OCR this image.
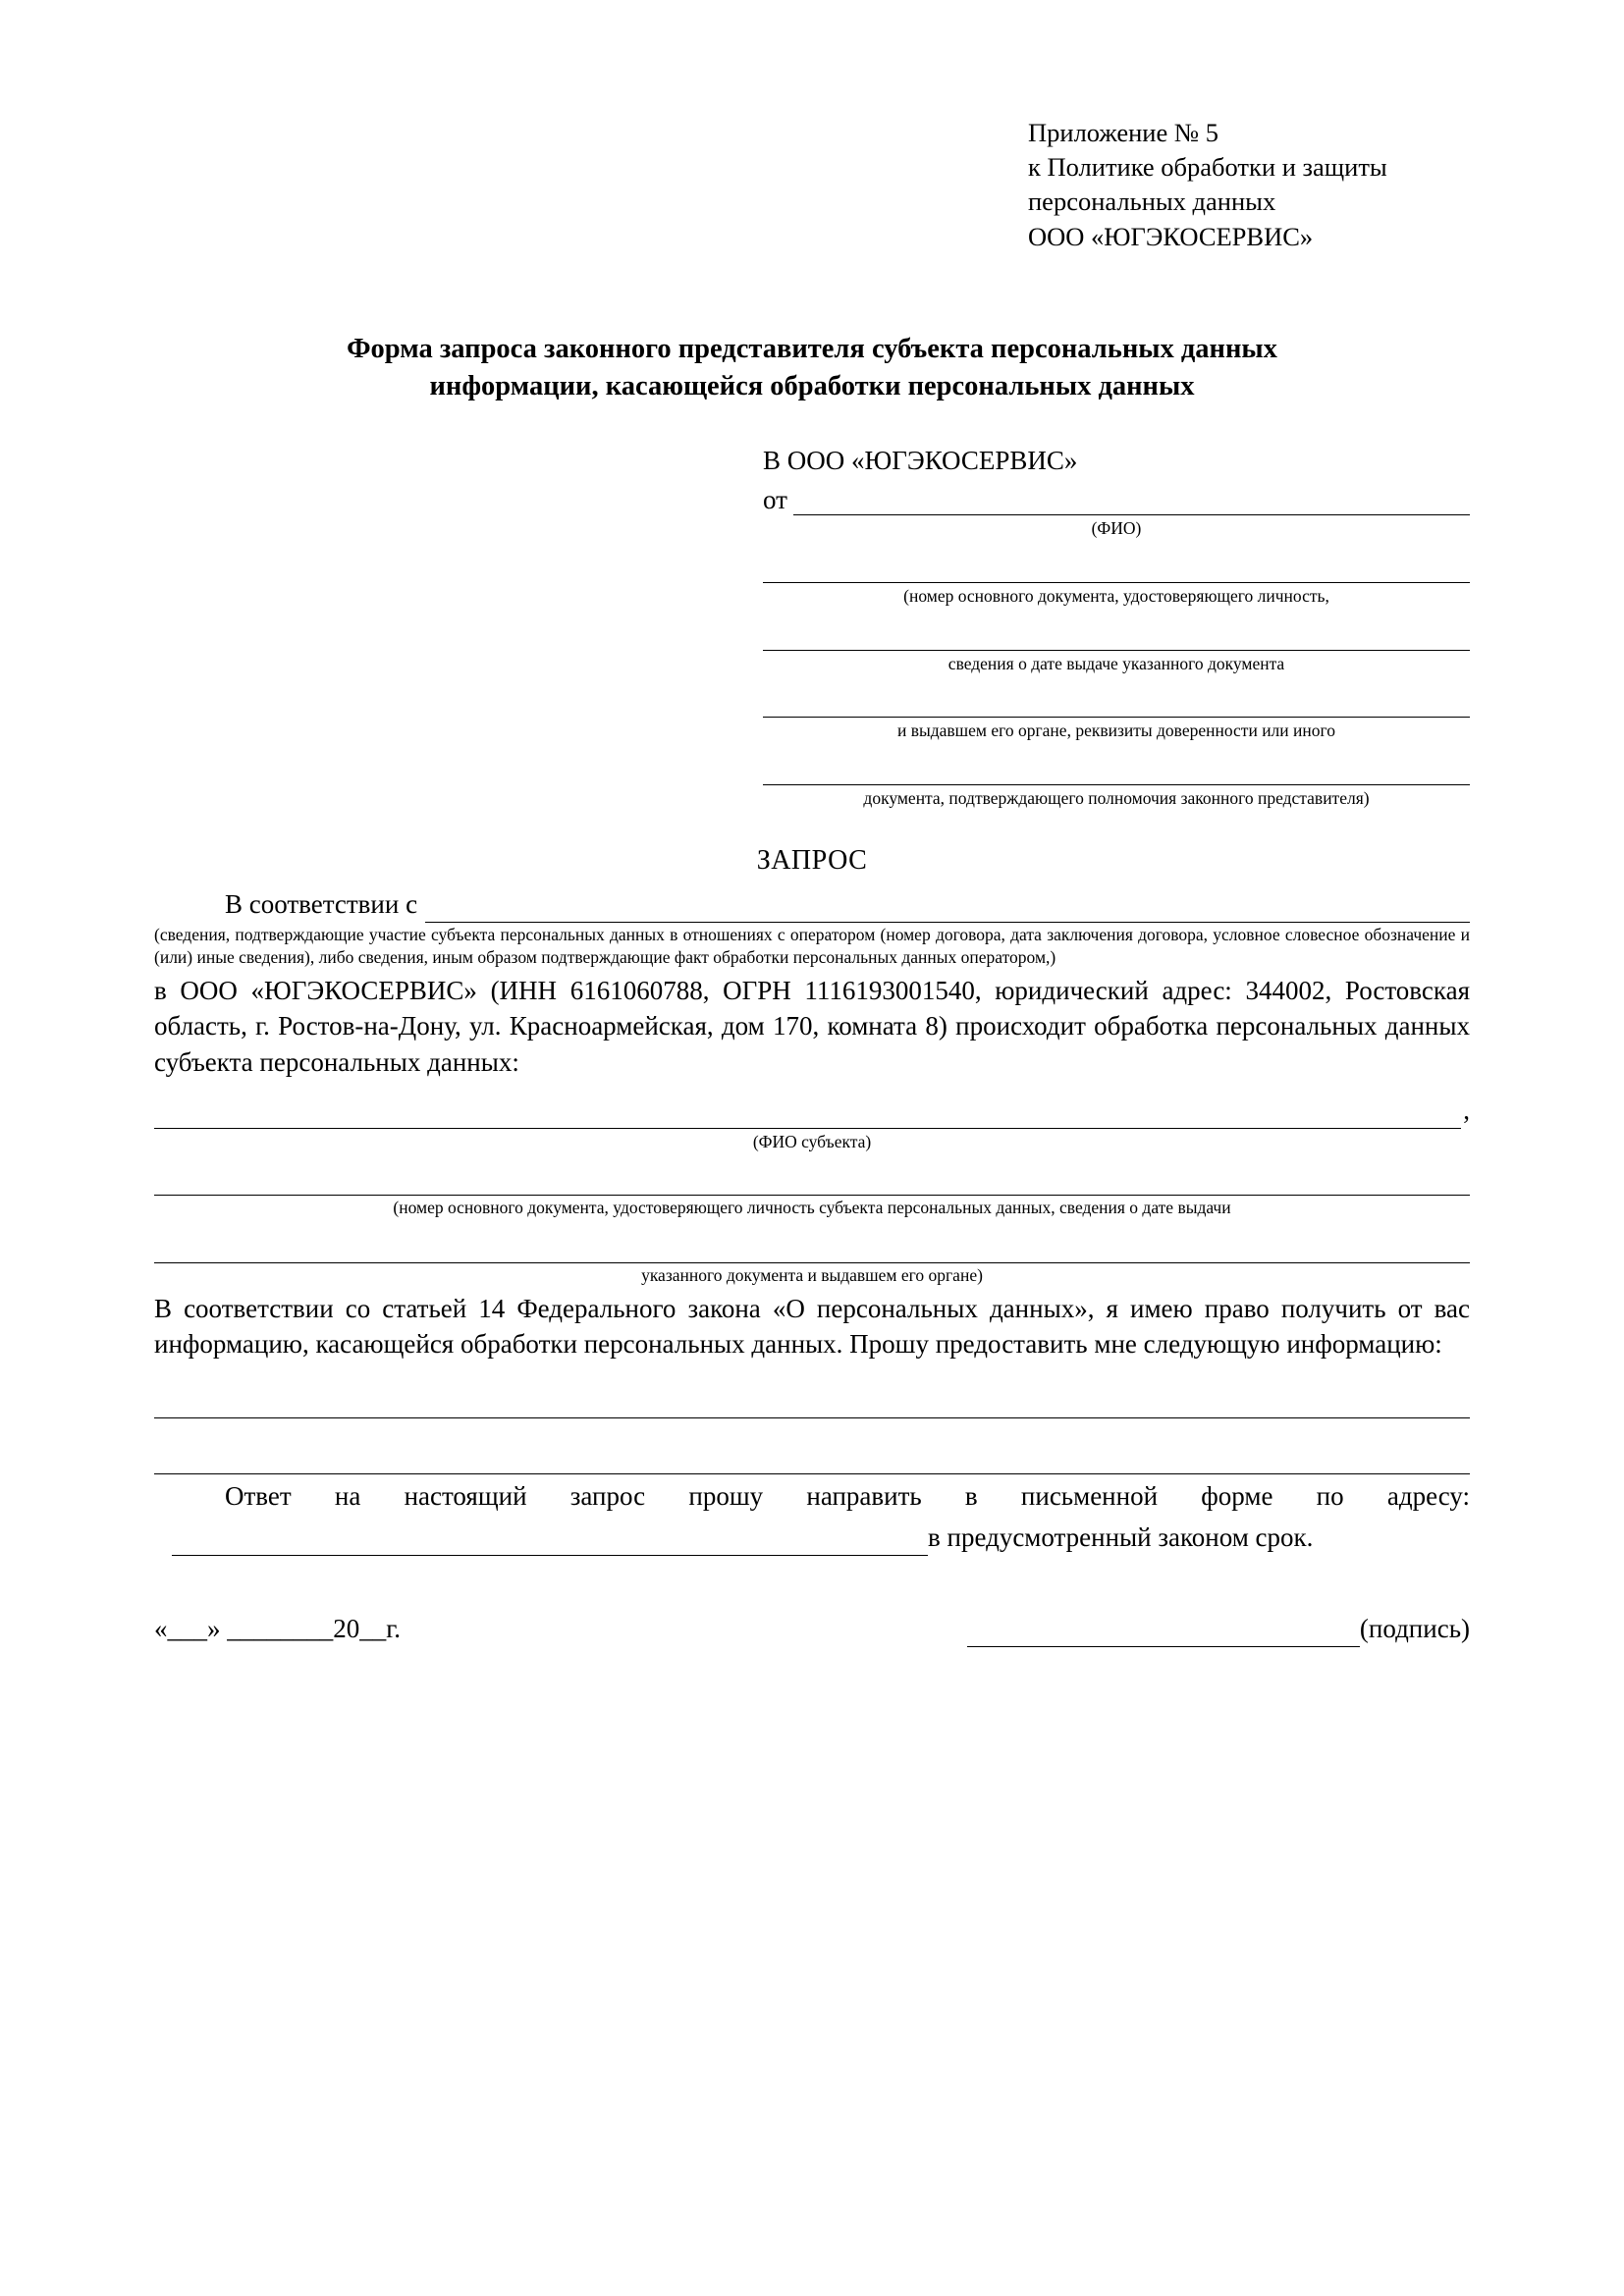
Приложение № 5
к Политике обработки и защиты
персональных данных
ООО «ЮГЭКОСЕРВИС»
Форма запроса законного представителя субъекта персональных данных
информации, касающейся обработки персональных данных
В ООО «ЮГЭКОСЕРВИС»
от
(ФИО)
(номер основного документа, удостоверяющего личность,
сведения о дате выдаче указанного документа
и выдавшем его органе, реквизиты доверенности или иного
документа, подтверждающего полномочия законного представителя)
ЗАПРОС
В соответствии с
(сведения, подтверждающие участие субъекта персональных данных в отношениях с оператором (номер договора, дата заключения договора, условное словесное обозначение и (или) иные сведения), либо сведения, иным образом подтверждающие факт обработки персональных данных оператором,)
в ООО «ЮГЭКОСЕРВИС» (ИНН 6161060788, ОГРН 1116193001540, юридический адрес: 344002, Ростовская область, г. Ростов-на-Дону, ул. Красноармейская, дом 170, комната 8) происходит обработка персональных данных субъекта персональных данных:
,
(ФИО субъекта)
(номер основного документа, удостоверяющего личность субъекта персональных данных, сведения о дате выдачи
указанного документа и выдавшем его органе)
В соответствии со статьей 14 Федерального закона «О персональных данных», я имею право получить от вас информацию, касающейся обработки персональных данных. Прошу предоставить мне следующую информацию:
Ответ на настоящий запрос прошу направить в письменной форме по адресу:
в предусмотренный законом срок.
«___» ________20__г.	(подпись)
